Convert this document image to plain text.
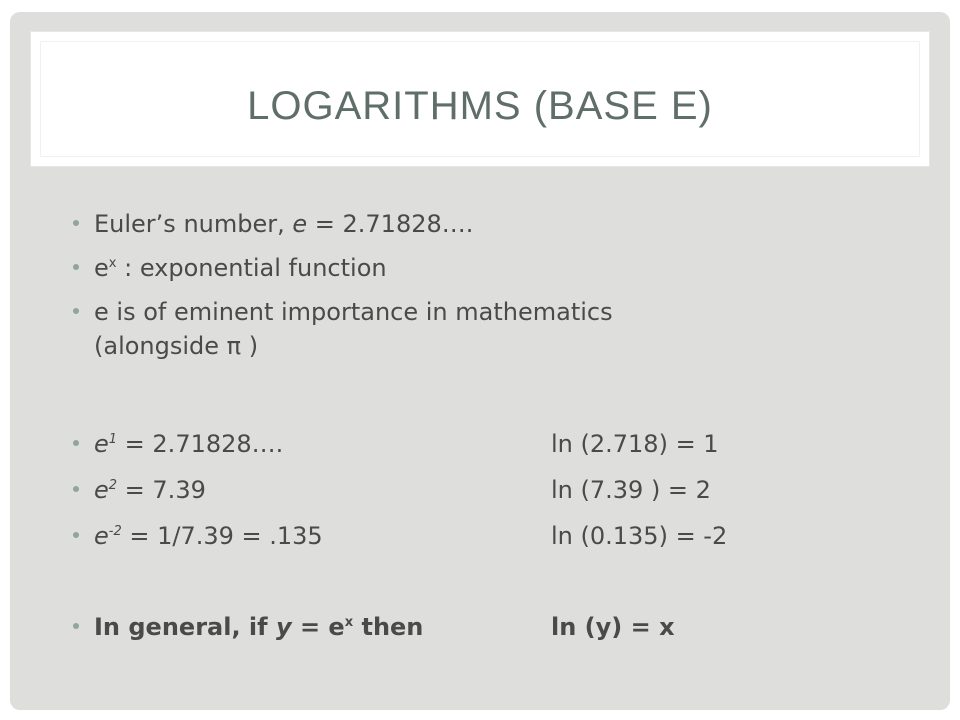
LOGARITHMS (BASE E)
Euler’s number, e = 2.71828….
$e^x$ : exponential function
e is of eminent importance in mathematics
(alongside π )
$e^1$ = 2.71828….	ln (2.718) = 1
$e^2 = 7.39$	ln (7.39 ) = 2
$e^{-2} = 1/7.39 = .135$	ln (0.135) = -2
In general, if $y = e^x$ then	ln (y) = x
